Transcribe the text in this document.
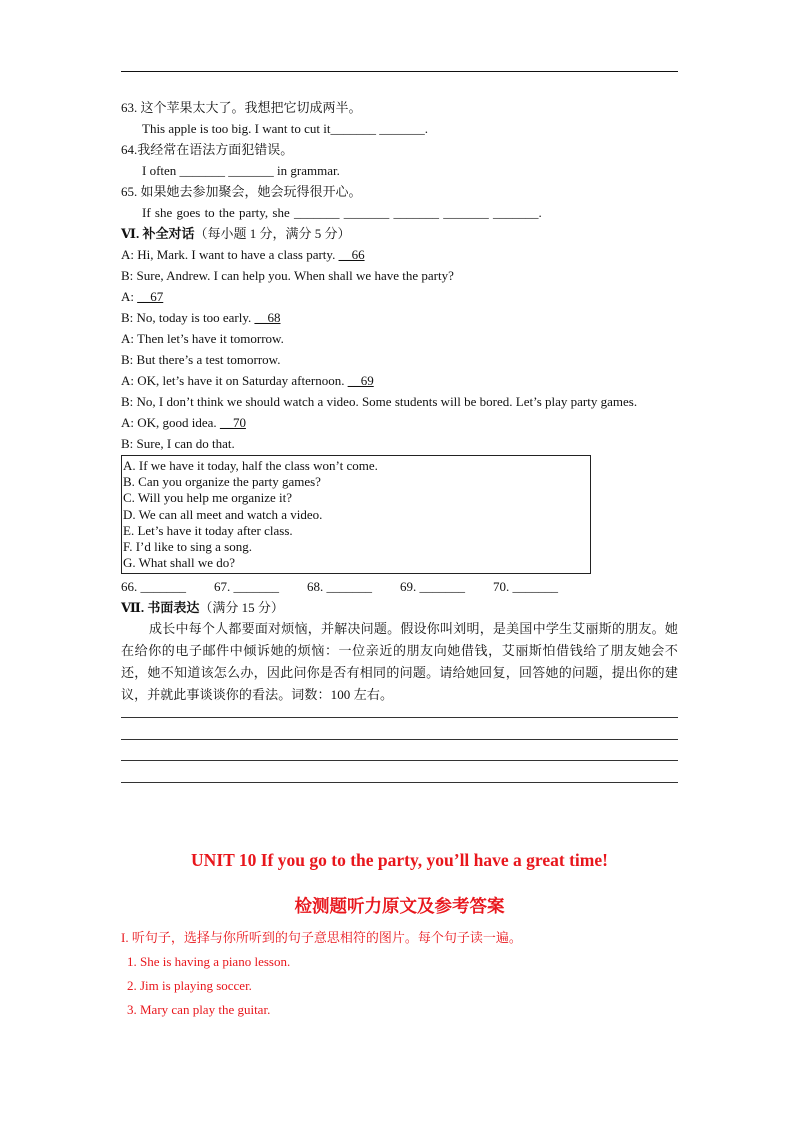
63. 这个苹果太大了。我想把它切成两半。

This apple is too big. I want to cut it_______ _______.

64.我经常在语法方面犯错误。

I often _______ _______ in grammar.

65. 如果她去参加聚会，她会玩得很开心。

If she goes to the party, she _______ _______ _______ _______ _______.

Ⅵ. 补全对话（每小题 1 分，满分 5 分）

A: Hi, Mark. I want to have a class party. __66

B: Sure, Andrew. I can help you. When shall we have the party?

A: __67

B: No, today is too early. __68

A: Then let’s have it tomorrow.

B: But there’s a test tomorrow.

A: OK, let’s have it on Saturday afternoon. __69

B: No, I don’t think we should watch a video. Some students will be bored. Let’s play party games.

A: OK, good idea. __70

B: Sure, I can do that.

A. If we have it today, half the class won’t come.

B. Can you organize the party games?

C. Will you help me organize it?

D. We can all meet and watch a video.

E. Let’s have it today after class.

F. I’d like to sing a song.

G. What shall we do?

66. _______ 67. _______ 68. _______ 69. _______ 70. _______

Ⅶ. 书面表达（满分 15 分）

成长中每个人都要面对烦恼，并解决问题。假设你叫刘明，是美国中学生艾丽斯的朋友。她在给你的电子邮件中倾诉她的烦恼：一位亲近的朋友向她借钱，艾丽斯怕借钱给了朋友她会不还，她不知道该怎么办，因此问你是否有相同的问题。请给她回复，回答她的问题，提出你的建议，并就此事谈谈你的看法。词数：100 左右。

UNIT 10 If you go to the party, you’ll have a great time!

检测题听力原文及参考答案

I. 听句子，选择与你所听到的句子意思相符的图片。每个句子读一遍。

1. She is having a piano lesson.

2. Jim is playing soccer.

3. Mary can play the guitar.
